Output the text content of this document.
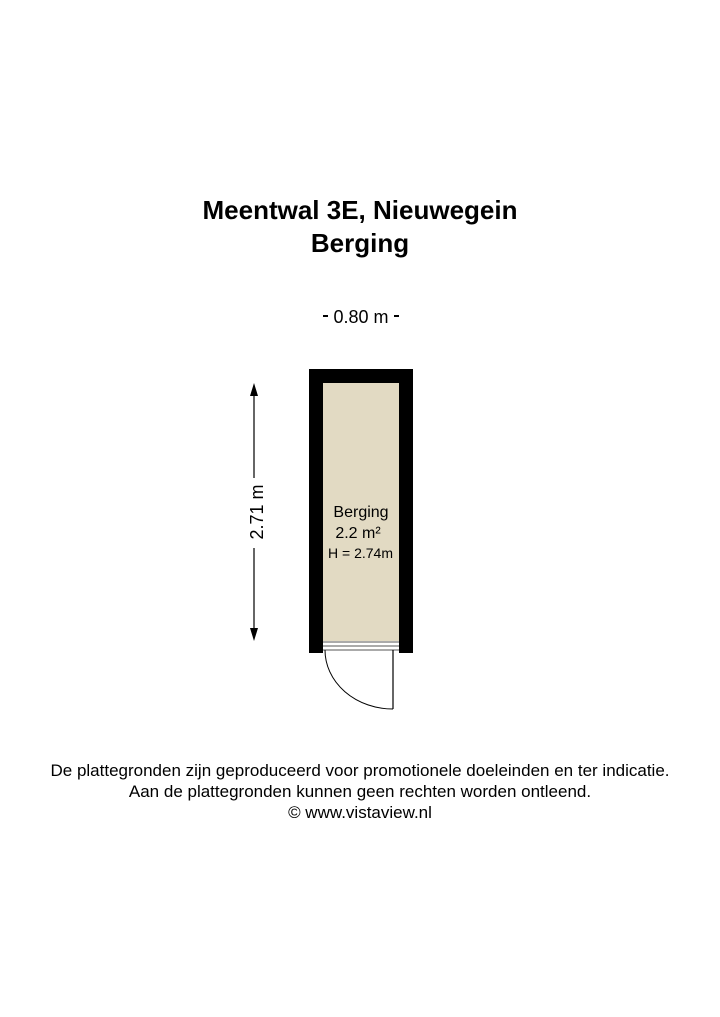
Meentwal 3E, Nieuwegein
Berging
0.80 m
2.71 m	Berging
2.2 m²
H = 2.74m
De plattegronden zijn geproduceerd voor promotionele doeleinden en ter indicatie.
Aan de plattegronden kunnen geen rechten worden ontleend.
© www.vistaview.nl
